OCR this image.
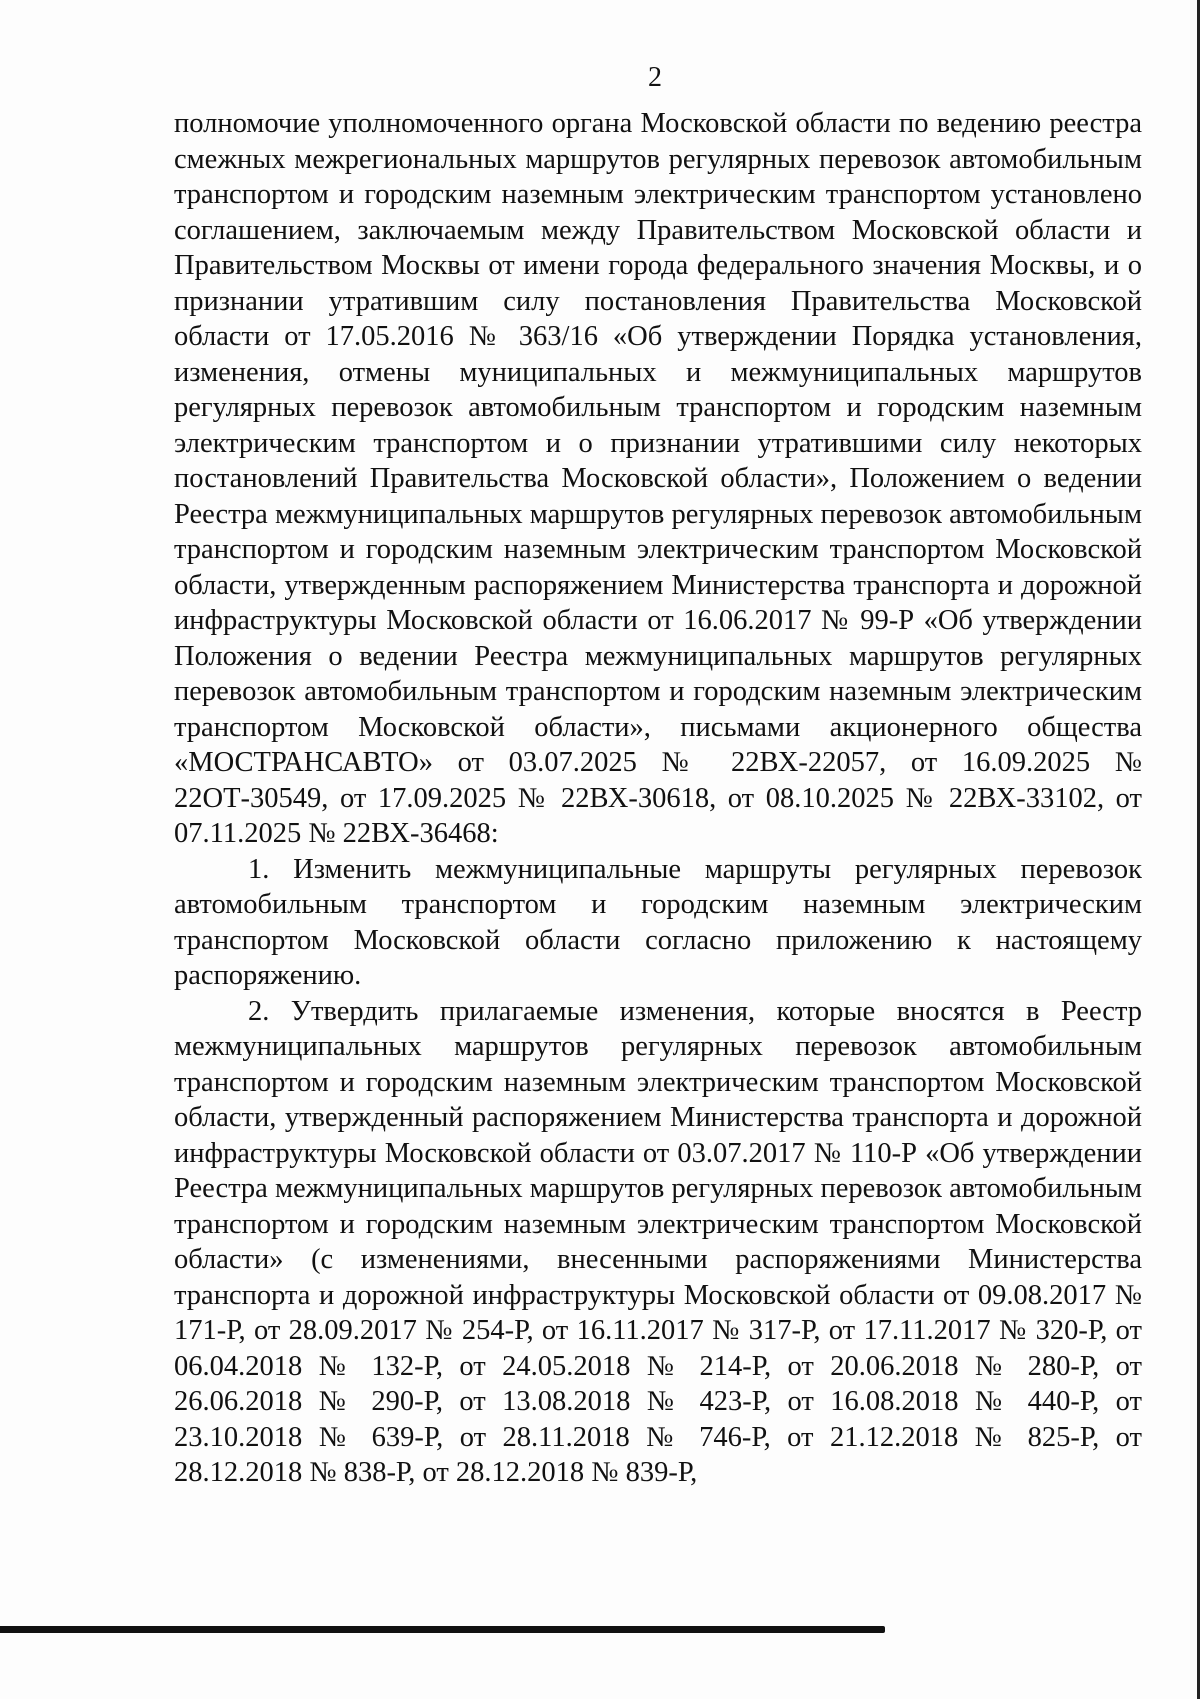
2

полномочие уполномоченного органа Московской области по ведению реестра смежных межрегиональных маршрутов регулярных перевозок автомобильным транспортом и городским наземным электрическим транспортом установлено соглашением, заключаемым между Правительством Московской области и Правительством Москвы от имени города федерального значения Москвы, и о признании утратившим силу постановления Правительства Московской области от 17.05.2016 № 363/16 «Об утверждении Порядка установления, изменения, отмены муниципальных и межмуниципальных маршрутов регулярных перевозок автомобильным транспортом и городским наземным электрическим транспортом и о признании утратившими силу некоторых постановлений Правительства Московской области», Положением о ведении Реестра межмуниципальных маршрутов регулярных перевозок автомобильным транспортом и городским наземным электрическим транспортом Московской области, утвержденным распоряжением Министерства транспорта и дорожной инфраструктуры Московской области от 16.06.2017 № 99-Р «Об утверждении Положения о ведении Реестра межмуниципальных маршрутов регулярных перевозок автомобильным транспортом и городским наземным электрическим транспортом Московской области», письмами акционерного общества «МОСТРАНСАВТО» от 03.07.2025 № 22ВХ-22057, от 16.09.2025 № 22ОТ-30549, от 17.09.2025 № 22ВХ-30618, от 08.10.2025 № 22ВХ-33102, от 07.11.2025 № 22ВХ-36468:

1. Изменить межмуниципальные маршруты регулярных перевозок автомобильным транспортом и городским наземным электрическим транспортом Московской области согласно приложению к настоящему распоряжению.

2. Утвердить прилагаемые изменения, которые вносятся в Реестр межмуниципальных маршрутов регулярных перевозок автомобильным транспортом и городским наземным электрическим транспортом Московской области, утвержденный распоряжением Министерства транспорта и дорожной инфраструктуры Московской области от 03.07.2017 № 110-Р «Об утверждении Реестра межмуниципальных маршрутов регулярных перевозок автомобильным транспортом и городским наземным электрическим транспортом Московской области» (с изменениями, внесенными распоряжениями Министерства транспорта и дорожной инфраструктуры Московской области от 09.08.2017 № 171-Р, от 28.09.2017 № 254-Р, от 16.11.2017 № 317-Р, от 17.11.2017 № 320-Р, от 06.04.2018 № 132-Р, от 24.05.2018 № 214-Р, от 20.06.2018 № 280-Р, от 26.06.2018 № 290-Р, от 13.08.2018 № 423-Р, от 16.08.2018 № 440-Р, от 23.10.2018 № 639-Р, от 28.11.2018 № 746-Р, от 21.12.2018 № 825-Р, от 28.12.2018 № 838-Р, от 28.12.2018 № 839-Р,
